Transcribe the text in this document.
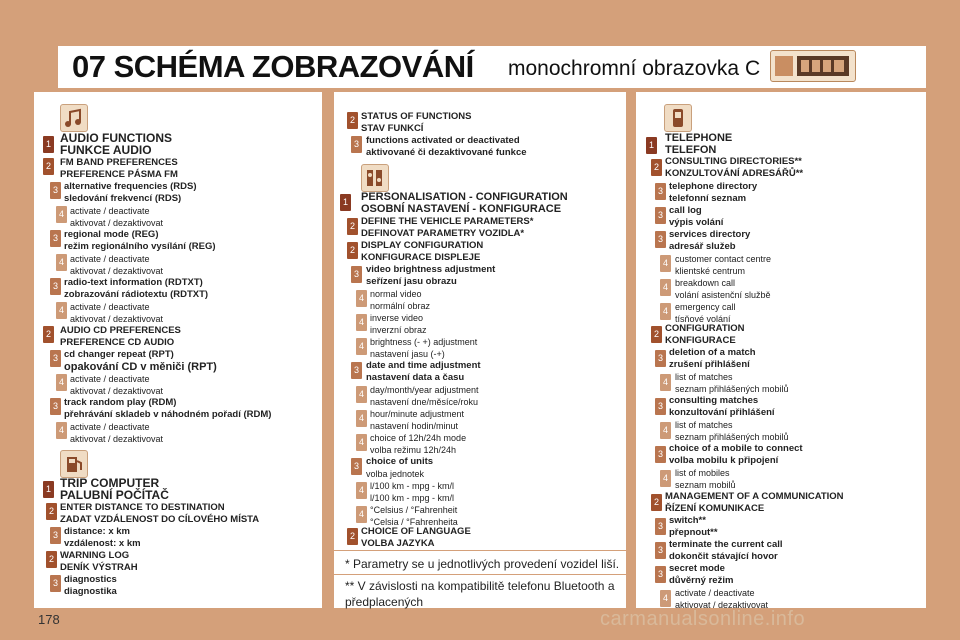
07 SCHÉMA ZOBRAZOVÁNÍ monochromní obrazovka C
1 AUDIO FUNCTIONS
FUNKCE AUDIO
2 FM BAND PREFERENCES
PREFERENCE PÁSMA FM
3 alternative frequencies (RDS)
sledování frekvencí (RDS)
4 activate / deactivate
aktivovat / dezaktivovat
3 regional mode (REG)
režim regionálního vysílání (REG)
4 activate / deactivate
aktivovat / dezaktivovat
3 radio-text information (RDTXT)
zobrazování rádiotextu (RDTXT)
4 activate / deactivate
aktivovat / dezaktivovat
2 AUDIO CD PREFERENCES
PREFERENCE CD AUDIO
3 cd changer repeat (RPT)
opakování CD v měniči (RPT)
4 activate / deactivate
aktivovat / dezaktivovat
3 track random play (RDM)
přehrávání skladeb v náhodném pořadí (RDM)
4 activate / deactivate
aktivovat / dezaktivovat
1 TRIP COMPUTER
PALUBNÍ POČÍTAČ
2 ENTER DISTANCE TO DESTINATION
ZADAT VZDÁLENOST DO CÍLOVÉHO MÍSTA
3 distance: x km
vzdálenost: x km
2 WARNING LOG
DENÍK VÝSTRAH
3 diagnostics
diagnostika
2 STATUS OF FUNCTIONS
STAV FUNKCÍ
3 functions activated or deactivated
aktivované či dezaktivované funkce
1 PERSONALISATION - CONFIGURATION
OSOBNÍ NASTAVENÍ - KONFIGURACE
2 DEFINE THE VEHICLE PARAMETERS*
DEFINOVAT PARAMETRY VOZIDLA*
2 DISPLAY CONFIGURATION
KONFIGURACE DISPLEJE
3 video brightness adjustment
seřízení jasu obrazu
4 normal video
normální obraz
4 inverse video
inverzní obraz
4 brightness (- +) adjustment
nastavení jasu (-+)
3 date and time adjustment
nastavení data a času
4 day/month/year adjustment
nastavení dne/měsíce/roku
4 hour/minute adjustment
nastavení hodin/minut
4 choice of 12h/24h mode
volba režimu 12h/24h
3 choice of units
volba jednotek
4 l/100 km - mpg - km/l
l/100 km - mpg - km/l
4 °Celsius / °Fahrenheit
°Celsia / °Fahrenheita
2 CHOICE OF LANGUAGE
VOLBA JAZYKA
* Parametry se u jednotlivých provedení vozidel liší.
** V závislosti na kompatibilitě telefonu Bluetooth a
předplacených
1
TELEPHONE
TELEFON
2 CONSULTING DIRECTORIES**
KONZULTOVÁNÍ ADRESÁŘŮ**
3 telephone directory
telefonní seznam
3 call log
výpis volání
3 services directory
adresář služeb
4 customer contact centre
klientské centrum
4 breakdown call
volání asistenční službě
4 emergency call
tísňové volání
2 CONFIGURATION
KONFIGURACE
3 deletion of a match
zrušení přihlášení
4 list of matches
seznam přihlášených mobilů
3 consulting matches
konzultování přihlášení
4 list of matches
seznam přihlášených mobilů
3 choice of a mobile to connect
volba mobilu k připojení
4 list of mobiles
seznam mobilů
2 MANAGEMENT OF A COMMUNICATION
ŘÍZENÍ KOMUNIKACE
3 switch**
přepnout**
3 terminate the current call
dokončit stávající hovor
3 secret mode
důvěrný režim
4 activate / deactivate
aktivovat / dezaktivovat
178	carmanualsonline.info
